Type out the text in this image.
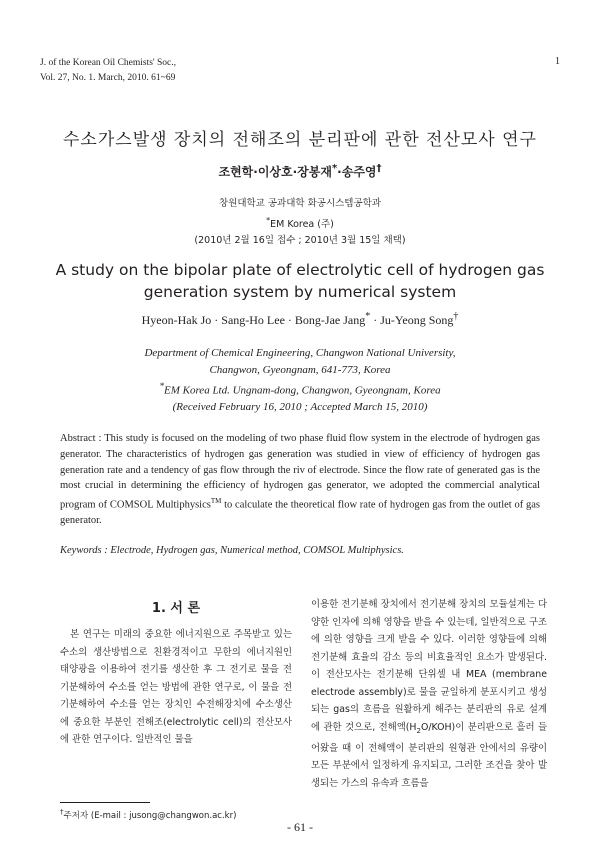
J. of the Korean Oil Chemists' Soc.,
Vol. 27, No. 1. March, 2010. 61~69
1
수소가스발생 장치의 전해조의 분리판에 관한 전산모사 연구
조현학·이상호·장봉재*·송주영†
창원대학교 공과대학 화공시스템공학과
*EM Korea (주)
(2010년 2월 16일 접수 ; 2010년 3월 15일 채택)
A study on the bipolar plate of electrolytic cell of hydrogen gas
generation system by numerical system
Hyeon-Hak Jo · Sang-Ho Lee · Bong-Jae Jang* · Ju-Yeong Song†
Department of Chemical Engineering, Changwon National University,
Changwon, Gyeongnam, 641-773, Korea
*EM Korea Ltd. Ungnam-dong, Changwon, Gyeongnam, Korea
(Received February 16, 2010 ; Accepted March 15, 2010)
Abstract : This study is focused on the modeling of two phase fluid flow system in the electrode of hydrogen gas generator. The characteristics of hydrogen gas generation was studied in view of efficiency of hydrogen gas generation rate and a tendency of gas flow through the riv of electrode. Since the flow rate of generated gas is the most crucial in determining the efficiency of hydrogen gas generator, we adopted the commercial analytical program of COMSOL Multiphysics™ to calculate the theoretical flow rate of hydrogen gas from the outlet of gas generator.
Keywords : Electrode, Hydrogen gas, Numerical method, COMSOL Multiphysics.
1. 서 론
본 연구는 미래의 중요한 에너지원으로 주목받고 있는 수소의 생산방법으로 친환경적이고 무한의 에너지원인 태양광을 이용하여 전기를 생산한 후 그 전기로 물을 전기분해하여 수소를 얻는 방법에 관한 연구로, 이 물을 전기분해하여 수소를 얻는 장치인 수전해장치에 수소생산에 중요한 부분인 전해조(electrolytic cell)의 전산모사에 관한 연구이다. 일반적인 물을
이용한 전기분해 장치에서 전기분해 장치의 모듈설계는 다양한 인자에 의해 영향을 받을 수 있는데, 일반적으로 구조에 의한 영향을 크게 받을 수 있다. 이러한 영향들에 의해 전기분해 효율의 감소 등의 비효율적인 요소가 발생된다. 이 전산모사는 전기분해 단위셀 내 MEA (membrane electrode assembly)로 물을 균일하게 분포시키고 생성되는 gas의 흐름을 원활하게 해주는 분리판의 유로 설계에 관한 것으로, 전해액$(H_2O/KOH)$이 분리판으로 흘러 들어왔을 때 이 전해액이 분리판의 원형관 안에서의 유량이 모든 부분에서 일정하게 유지되고, 그러한 조건을 찾아 발생되는 가스의 유속과 흐름을
†주저자 (E-mail : jusong@changwon.ac.kr)
- 61 -
